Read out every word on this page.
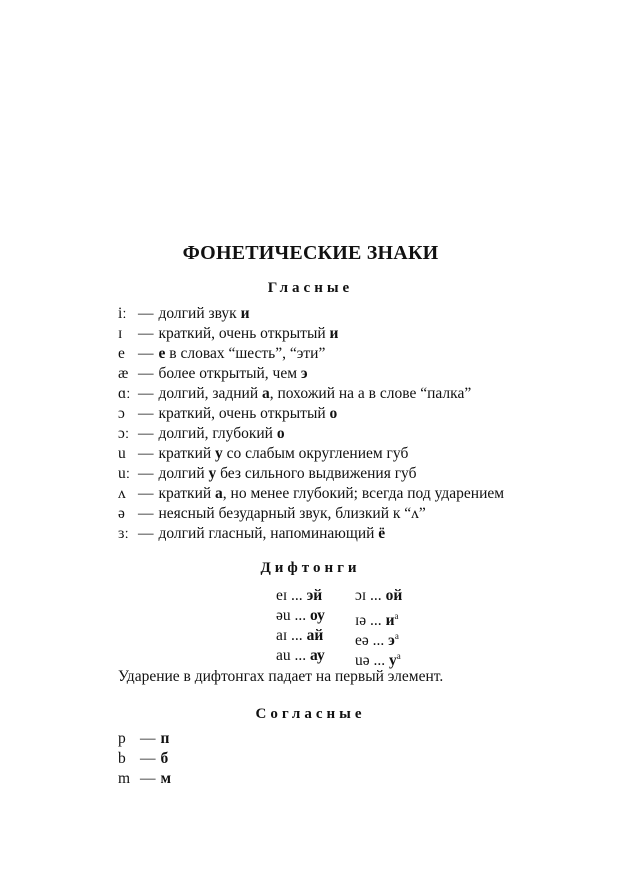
ФОНЕТИЧЕСКИЕ ЗНАКИ
Гласные
iː — долгий звук и
ɪ	— краткий, очень открытый и
e — е в словах “шесть”, “эти”
æ — более открытый, чем э
ɑː — долгий, задний а, похожий на а в слове “палка”
ɔ — краткий, очень открытый о
ɔː — долгий, глубокий о
u — краткий у со слабым округлением губ
uː — долгий у без сильного выдвижения губ
ʌ — краткий а, но менее глубокий; всегда под ударением
ə — неясный безударный звук, близкий к “ʌ”
ɜː — долгий гласный, напоминающий ё
Дифтонги
eɪ ... эй	ɔɪ ... ой
əu ... оу	ɪə ... $и^а$
aɪ ... ай	eə ... $э^а$
au ... ау	uə ... $у^а$
Ударение в дифтонгах падает на первый элемент.
Согласные
p — п
b — б
m — м
